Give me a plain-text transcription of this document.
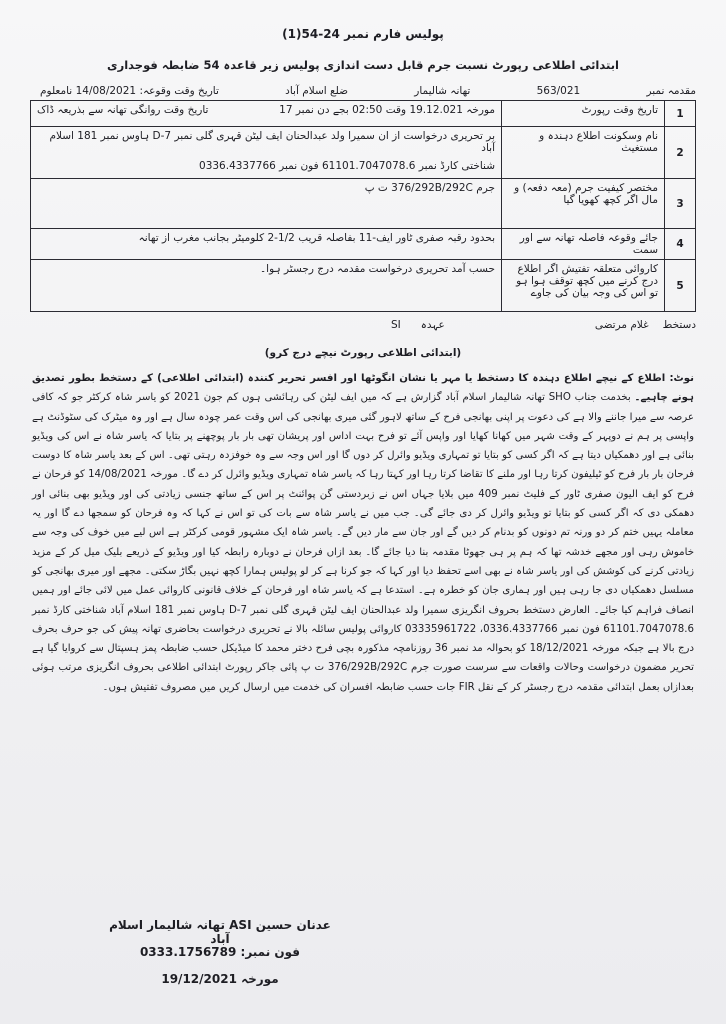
پولیس فارم نمبر 24-54(1)
ابتدائی اطلاعی رپورٹ نسبت جرم قابل دست اندازی پولیس زیر قاعدہ 54 ضابطہ فوجداری
مقدمہ نمبر
563/021
تھانہ شالیمار
ضلع اسلام آباد
تاریخ وقت وقوعہ: 14/08/2021 نامعلوم
1	تاریخ وقت رپورٹ	مورخہ 19.12.021 وقت 02:50 بجے دن نمبر 17
تاریخ وقت روانگی تھانہ سے بذریعہ ڈاک

2	نام وسکونت اطلاع دہندہ و مستغیث	بر تحریری درخواست از ان سمیرا ولد عبدالحنان ایف لیٹن قہری گلی نمبر D-7 ہاوس نمبر 181 اسلام آباد
شناختی کارڈ نمبر 61101.7047078.6 فون نمبر 0336.4337766

3	مختصر کیفیت جرم (معہ دفعہ) و مال اگر کچھ کھویا گیا	جرم 376/292B/292C ت پ
4	جائے وقوعہ فاصلہ تھانہ سے اور سمت	بحدود رقبہ صفری ٹاور ایف-11 بفاصلہ قریب 1/2-2 کلومیٹر بجانب مغرب از تھانہ
5	کاروائی متعلقہ تفتیش اگر اطلاع درج کرنے میں کچھ توقف ہوا ہو تو اس کی وجہ بیان کی جاوے	حسب آمد تحریری درخواست مقدمہ درج رجسٹر ہوا۔
دستخط
غلام مرتضی
عہدہ
SI
(ابتدائی اطلاعی رپورٹ نیچے درج کرو)

نوٹ: اطلاع کے نیچے اطلاع دہندہ کا دستخط یا مہر یا نشان انگوٹھا اور افسر تحریر کنندہ (ابتدائی اطلاعی) کے دستخط بطور تصدیق ہونے چاہیے۔ بخدمت جناب SHO تھانہ شالیمار اسلام آباد گزارش ہے کہ میں ایف لیٹن کی رہائشی ہوں کم جون 2021 کو یاسر شاہ کرکٹر جو کہ کافی عرصہ سے میرا جاننے والا ہے کی دعوت پر اپنی بھانجی فرح کے ساتھ لاہور گئی میری بھانجی کی اس وقت عمر چودہ سال ہے اور وہ میٹرک کی سٹوڈنٹ ہے واپسی پر ہم نے دوپہر کے وقت شہر میں کھانا کھایا اور واپس آئے تو فرح بہت اداس اور پریشان تھی بار بار پوچھنے پر بتایا کہ یاسر شاہ نے اس کی ویڈیو بنائی ہے اور دھمکیاں دیتا ہے کہ اگر کسی کو بتایا تو تمہاری ویڈیو وائرل کر دوں گا اور اس وجہ سے وہ خوفزدہ رہتی تھی۔ اس کے بعد یاسر شاہ کا دوست فرحان بار بار فرح کو ٹیلیفون کرتا رہا اور ملنے کا تقاضا کرتا رہا اور کہتا رہا کہ یاسر شاہ تمہاری ویڈیو وائرل کر دے گا۔ مورخہ 14/08/2021 کو فرحان نے فرح کو ایف الیون صفری ٹاور کے فلیٹ نمبر 409 میں بلایا جہاں اس نے زبردستی گن پوائنٹ پر اس کے ساتھ جنسی زیادتی کی اور ویڈیو بھی بنائی اور دھمکی دی کہ اگر کسی کو بتایا تو ویڈیو وائرل کر دی جائے گی۔ جب میں نے یاسر شاہ سے بات کی تو اس نے کہا کہ وہ فرحان کو سمجھا دے گا اور یہ معاملہ یہیں ختم کر دو ورنہ تم دونوں کو بدنام کر دیں گے اور جان سے مار دیں گے۔ یاسر شاہ ایک مشہور قومی کرکٹر ہے اس لیے میں خوف کی وجہ سے خاموش رہی اور مجھے خدشہ تھا کہ ہم پر ہی جھوٹا مقدمہ بنا دیا جائے گا۔ بعد ازاں فرحان نے دوبارہ رابطہ کیا اور ویڈیو کے ذریعے بلیک میل کر کے مزید زیادتی کرنے کی کوشش کی اور یاسر شاہ نے بھی اسے تحفظ دیا اور کہا کہ جو کرنا ہے کر لو پولیس ہمارا کچھ نہیں بگاڑ سکتی۔ مجھے اور میری بھانجی کو مسلسل دھمکیاں دی جا رہی ہیں اور ہماری جان کو خطرہ ہے۔ استدعا ہے کہ یاسر شاہ اور فرحان کے خلاف قانونی کاروائی عمل میں لائی جائے اور ہمیں انصاف فراہم کیا جائے۔ العارض دستخط بحروف انگریزی سمیرا ولد عبدالحنان ایف لیٹن قہری گلی نمبر D-7 ہاوس نمبر 181 اسلام آباد شناختی کارڈ نمبر 61101.7047078.6 فون نمبر 0336.4337766، 03335961722 کاروائی پولیس سائلہ بالا نے تحریری درخواست بحاضری تھانہ پیش کی جو حرف بحرف درج بالا ہے جبکہ مورخہ 18/12/2021 کو بحوالہ مد نمبر 36 روزنامچہ مذکورہ بچی فرح دختر محمد کا میڈیکل حسب ضابطہ پمز ہسپتال سے کروایا گیا ہے تحریر مضمون درخواست وحالات واقعات سے سرست صورت جرم 376/292B/292C ت پ پائی جاکر رپورٹ ابتدائی اطلاعی بحروف انگریزی مرتب ہوئی بعدازاں بعمل ابتدائی مقدمہ درج رجسٹر کر کے نقل FIR جات حسب ضابطہ افسران کی خدمت میں ارسال کریں میں مصروف تفتیش ہوں۔

عدنان حسین ASI تھانہ شالیمار اسلام آباد
فون نمبر: 0333.1756789
مورخہ 19/12/2021
